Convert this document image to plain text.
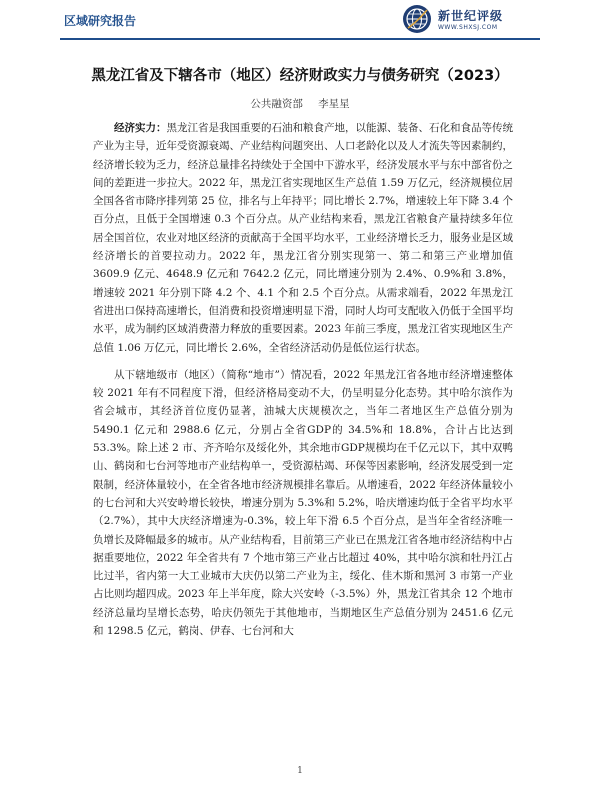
区域研究报告	新世纪评级
WWW.SHXSJ.COM
黑龙江省及下辖各市（地区）经济财政实力与债务研究（2023）
公共融资部 李星星

经济实力：黑龙江省是我国重要的石油和粮食产地，以能源、装备、石化和食品等传统产业为主导，近年受资源衰竭、产业结构问题突出、人口老龄化以及人才流失等因素制约，经济增长较为乏力，经济总量排名持续处于全国中下游水平，经济发展水平与东中部省份之间的差距进一步拉大。2022 年，黑龙江省实现地区生产总值 1.59 万亿元，经济规模位居全国各省市降序排列第 25 位，排名与上年持平；同比增长 2.7%，增速较上年下降 3.4 个百分点，且低于全国增速 0.3 个百分点。从产业结构来看，黑龙江省粮食产量持续多年位居全国首位，农业对地区经济的贡献高于全国平均水平，工业经济增长乏力，服务业是区域经济增长的首要拉动力。2022 年，黑龙江省分别实现第一、第二和第三产业增加值 3609.9 亿元、4648.9 亿元和 7642.2 亿元，同比增速分别为 2.4%、0.9%和 3.8%，增速较 2021 年分别下降 4.2 个、4.1 个和 2.5 个百分点。从需求端看，2022 年黑龙江省进出口保持高速增长，但消费和投资增速明显下滑，同时人均可支配收入仍低于全国平均水平，成为制约区域消费潜力释放的重要因素。2023 年前三季度，黑龙江省实现地区生产总值 1.06 万亿元，同比增长 2.6%，全省经济活动仍是低位运行状态。

从下辖地级市（地区）（简称“地市”）情况看，2022 年黑龙江省各地市经济增速整体较 2021 年有不同程度下滑，但经济格局变动不大，仍呈明显分化态势。其中哈尔滨作为省会城市，其经济首位度仍显著，油城大庆规模次之，当年二者地区生产总值分别为 5490.1 亿元和 2988.6 亿元，分别占全省GDP的 34.5%和 18.8%，合计占比达到 53.3%。除上述 2 市、齐齐哈尔及绥化外，其余地市GDP规模均在千亿元以下，其中双鸭山、鹤岗和七台河等地市产业结构单一，受资源枯竭、环保等因素影响，经济发展受到一定限制，经济体量较小，在全省各地市经济规模排名靠后。从增速看，2022 年经济体量较小的七台河和大兴安岭增长较快，增速分别为 5.3%和 5.2%，哈庆增速均低于全省平均水平（2.7%），其中大庆经济增速为-0.3%，较上年下滑 6.5 个百分点，是当年全省经济唯一负增长及降幅最多的城市。从产业结构看，目前第三产业已在黑龙江省各地市经济结构中占据重要地位，2022 年全省共有 7 个地市第三产业占比超过 40%，其中哈尔滨和牡丹江占比过半，省内第一大工业城市大庆仍以第二产业为主，绥化、佳木斯和黑河 3 市第一产业占比则均超四成。2023 年上半年度，除大兴安岭（-3.5%）外，黑龙江省其余 12 个地市经济总量均呈增长态势，哈庆仍领先于其他地市，当期地区生产总值分别为 2451.6 亿元和 1298.5 亿元，鹤岗、伊春、七台河和大

1
